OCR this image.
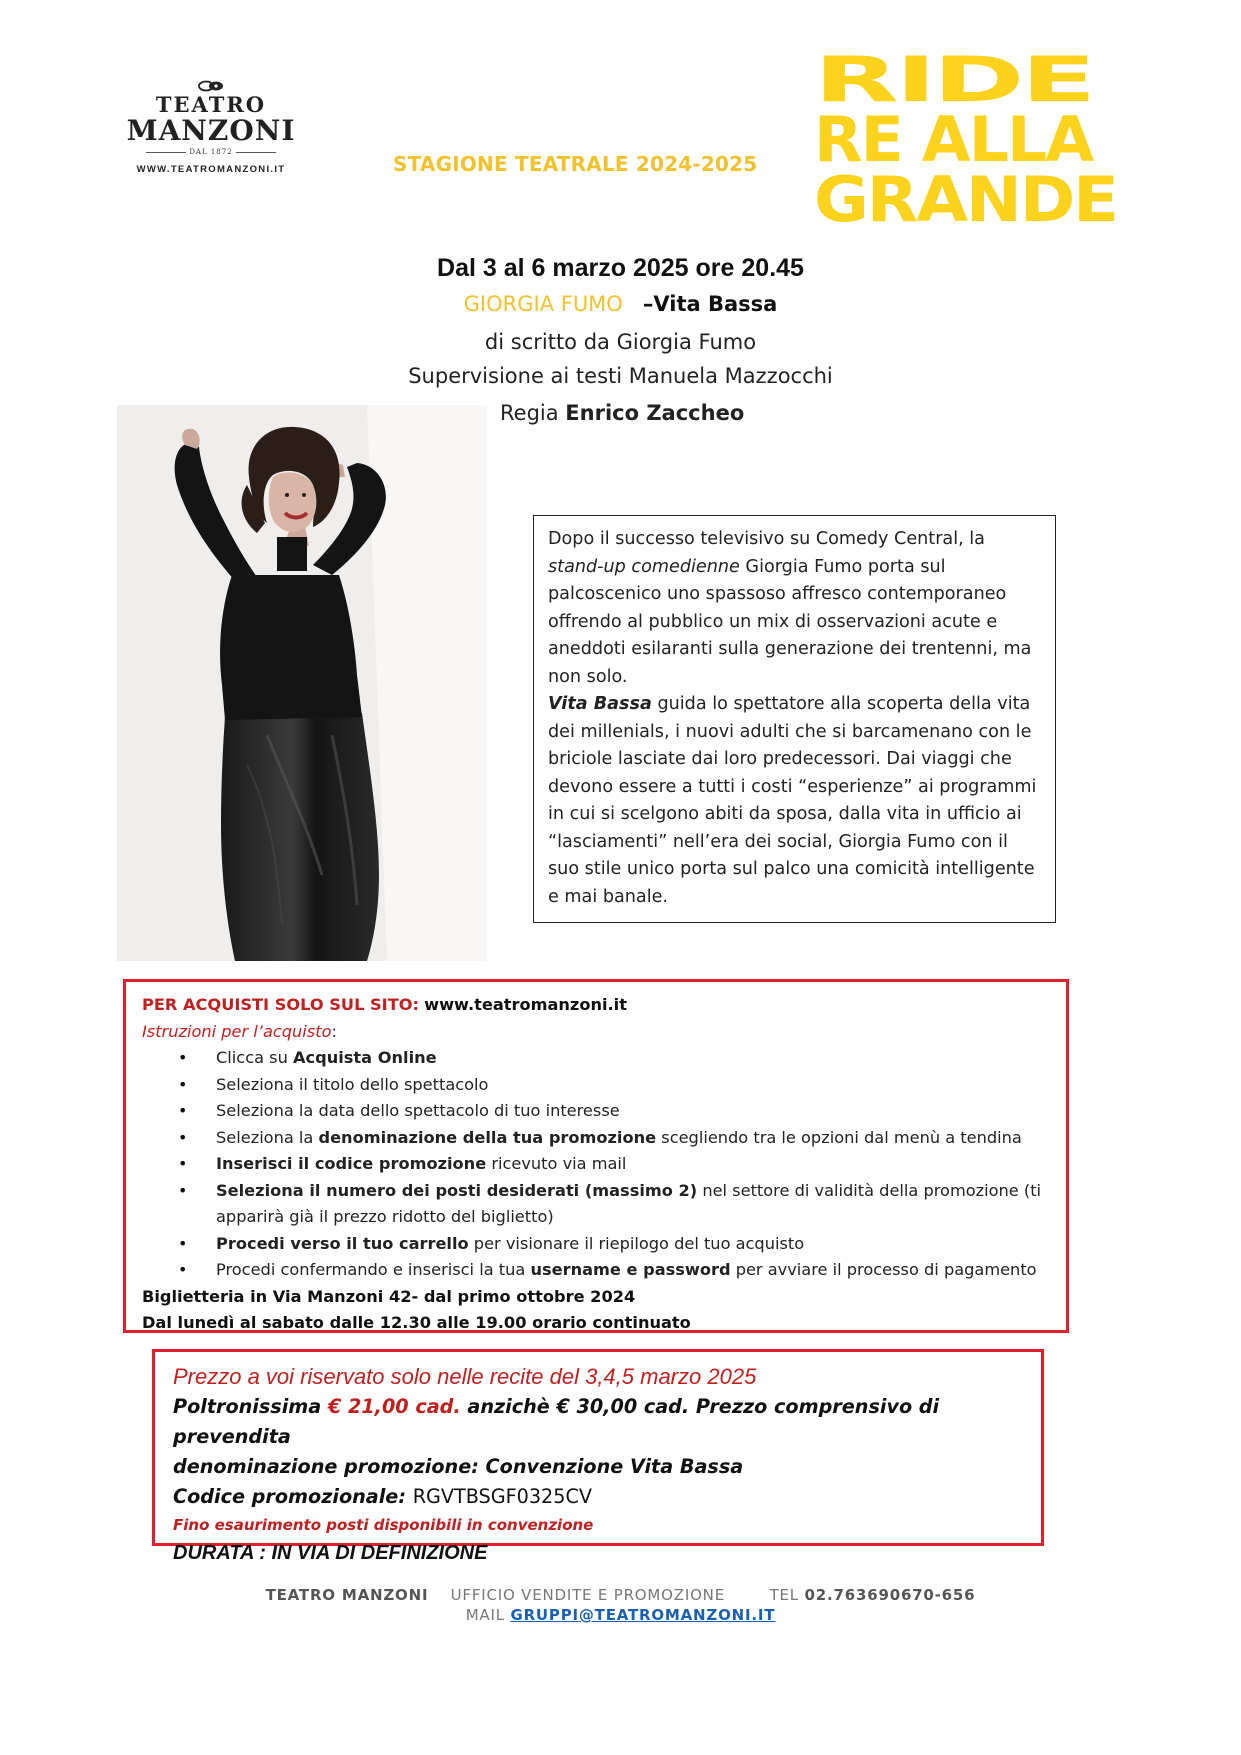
TEATRO
MANZONI
DAL 1872
WWW.TEATROMANZONI.IT	STAGIONE TEATRALE 2024-2025
RIDE
RE ALLA
GRANDE
Dal 3 al 6 marzo 2025 ore 20.45
GIORGIA FUMO –Vita Bassa
di scritto da Giorgia Fumo
Supervisione ai testi Manuela Mazzocchi
Regia Enrico Zaccheo

Dopo il successo televisivo su Comedy Central, la stand-up comedienne Giorgia Fumo porta sul palcoscenico uno spassoso affresco contemporaneo offrendo al pubblico un mix di osservazioni acute e aneddoti esilaranti sulla generazione dei trentenni, ma non solo.

Vita Bassa guida lo spettatore alla scoperta della vita dei millenials, i nuovi adulti che si barcamenano con le briciole lasciate dai loro predecessori. Dai viaggi che devono essere a tutti i costi “esperienze” ai programmi in cui si scelgono abiti da sposa, dalla vita in ufficio ai “lasciamenti” nell’era dei social, Giorgia Fumo con il suo stile unico porta sul palco una comicità intelligente e mai banale.

PER ACQUISTI SOLO SUL SITO: www.teatromanzoni.it
Istruzioni per l’acquisto:
• Clicca su Acquista Online
• Seleziona il titolo dello spettacolo
• Seleziona la data dello spettacolo di tuo interesse
• Seleziona la denominazione della tua promozione scegliendo tra le opzioni dal menù a tendina
• Inserisci il codice promozione ricevuto via mail
• Seleziona il numero dei posti desiderati (massimo 2) nel settore di validità della promozione (ti apparirà già il prezzo ridotto del biglietto)
• Procedi verso il tuo carrello per visionare il riepilogo del tuo acquisto
• Procedi confermando e inserisci la tua username e password per avviare il processo di pagamento
Biglietteria in Via Manzoni 42- dal primo ottobre 2024
Dal lunedì al sabato dalle 12.30 alle 19.00 orario continuato
Prezzo a voi riservato solo nelle recite del 3,4,5 marzo 2025
Poltronissima € 21,00 cad. anzichè € 30,00 cad. Prezzo comprensivo di prevendita
denominazione promozione: Convenzione Vita Bassa
Codice promozionale: RGVTBSGF0325CV
Fino esaurimento posti disponibili in convenzione
DURATA : IN VIA DI DEFINIZIONE
TEATRO MANZONI UFFICIO VENDITE E PROMOZIONE	TEL 02.763690670-656
MAIL GRUPPI@TEATROMANZONI.IT
